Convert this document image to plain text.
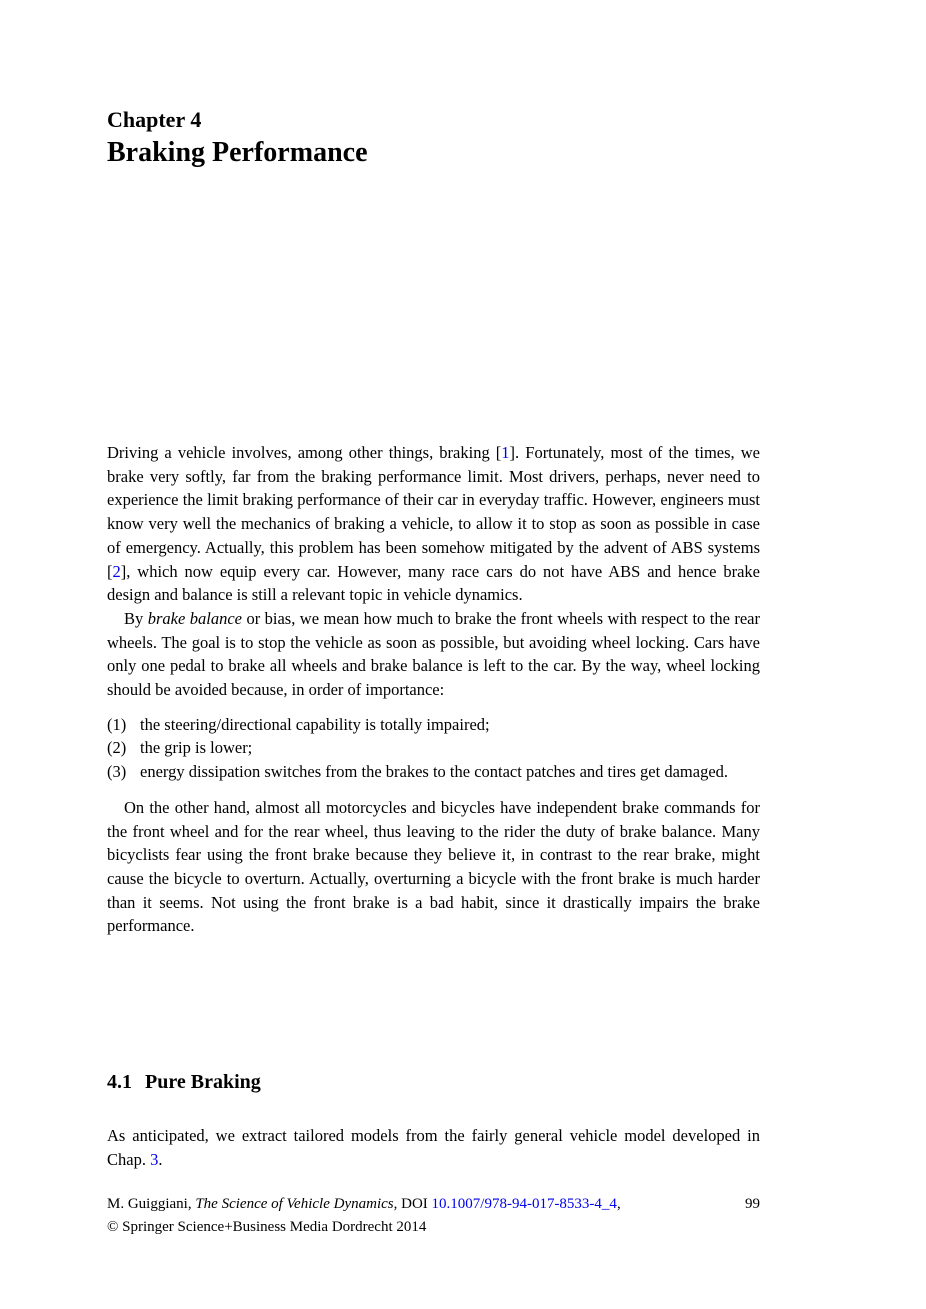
Chapter 4
Braking Performance

Driving a vehicle involves, among other things, braking [1]. Fortunately, most of the times, we brake very softly, far from the braking performance limit. Most drivers, perhaps, never need to experience the limit braking performance of their car in everyday traffic. However, engineers must know very well the mechanics of braking a vehicle, to allow it to stop as soon as possible in case of emergency. Actually, this problem has been somehow mitigated by the advent of ABS systems [2], which now equip every car. However, many race cars do not have ABS and hence brake design and balance is still a relevant topic in vehicle dynamics.

By brake balance or bias, we mean how much to brake the front wheels with respect to the rear wheels. The goal is to stop the vehicle as soon as possible, but avoiding wheel locking. Cars have only one pedal to brake all wheels and brake balance is left to the car. By the way, wheel locking should be avoided because, in order of importance:

(1) the steering/directional capability is totally impaired;

(2) the grip is lower;

(3) energy dissipation switches from the brakes to the contact patches and tires get damaged.

On the other hand, almost all motorcycles and bicycles have independent brake commands for the front wheel and for the rear wheel, thus leaving to the rider the duty of brake balance. Many bicyclists fear using the front brake because they believe it, in contrast to the rear brake, might cause the bicycle to overturn. Actually, overturning a bicycle with the front brake is much harder than it seems. Not using the front brake is a bad habit, since it drastically impairs the brake performance.

4.1 Pure Braking

As anticipated, we extract tailored models from the fairly general vehicle model developed in Chap. 3.

M. Guiggiani, The Science of Vehicle Dynamics, DOI 10.1007/978-94-017-8533-4_4,	99

© Springer Science+Business Media Dordrecht 2014
